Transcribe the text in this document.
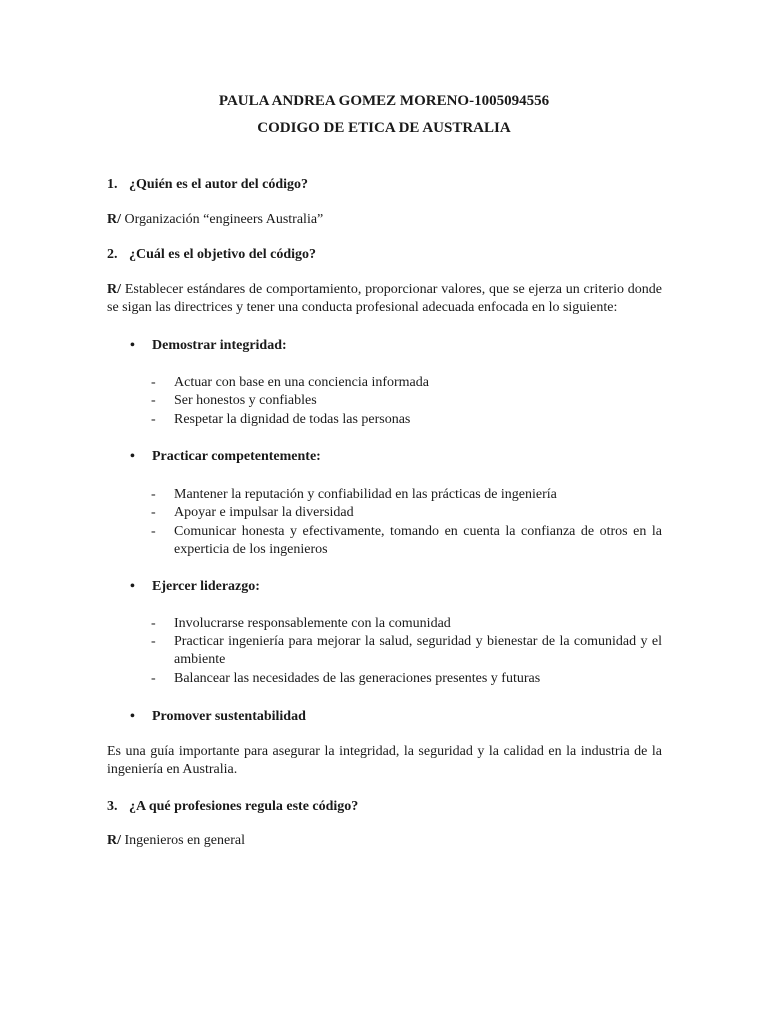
PAULA ANDREA GOMEZ MORENO-1005094556
CODIGO DE ETICA DE AUSTRALIA
1. ¿Quién es el autor del código?
R/ Organización “engineers Australia”
2. ¿Cuál es el objetivo del código?
R/ Establecer estándares de comportamiento, proporcionar valores, que se ejerza un criterio donde se sigan las directrices y tener una conducta profesional adecuada enfocada en lo siguiente:
• Demostrar integridad:
- Actuar con base en una conciencia informada
- Ser honestos y confiables
- Respetar la dignidad de todas las personas
• Practicar competentemente:
- Mantener la reputación y confiabilidad en las prácticas de ingeniería
- Apoyar e impulsar la diversidad
- Comunicar honesta y efectivamente, tomando en cuenta la confianza de otros en la experticia de los ingenieros
• Ejercer liderazgo:
- Involucrarse responsablemente con la comunidad
- Practicar ingeniería para mejorar la salud, seguridad y bienestar de la comunidad y el ambiente
- Balancear las necesidades de las generaciones presentes y futuras
• Promover sustentabilidad
Es una guía importante para asegurar la integridad, la seguridad y la calidad en la industria de la ingeniería en Australia.
3. ¿A qué profesiones regula este código?
R/ Ingenieros en general
